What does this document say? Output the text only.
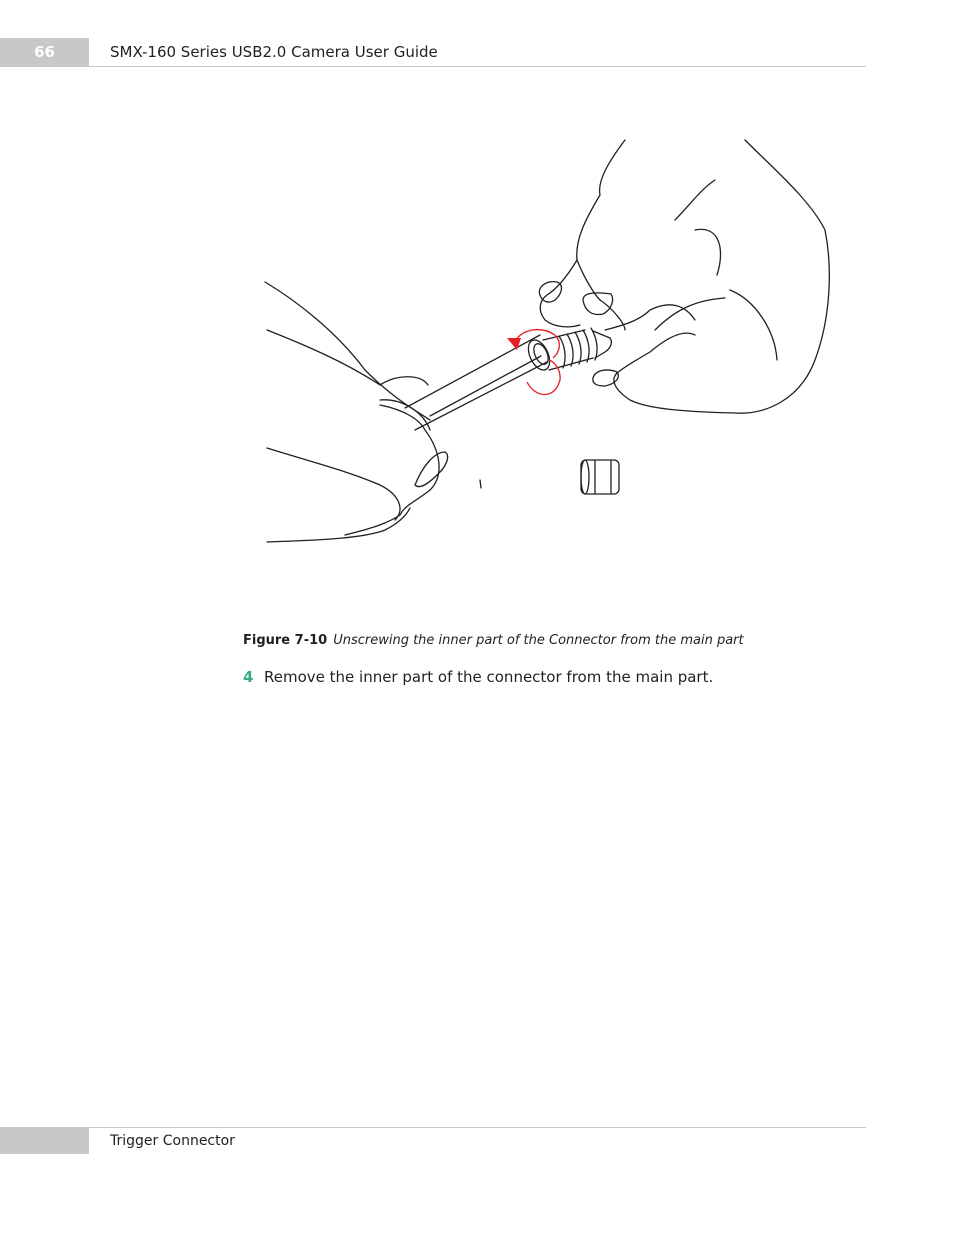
66	SMX-160 Series USB2.0 Camera User Guide
Figure 7-10 Unscrewing the inner part of the Connector from the main part
4 Remove the inner part of the connector from the main part.
Trigger Connector
